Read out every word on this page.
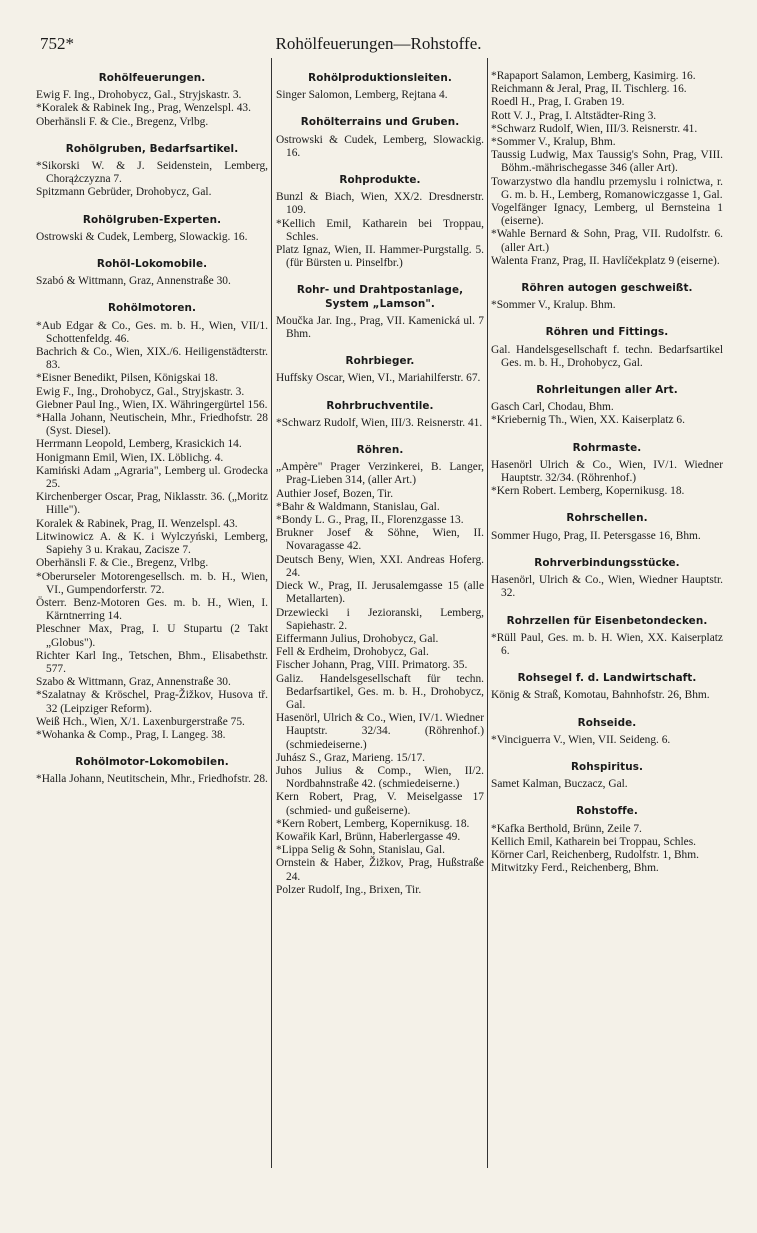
752*	Rohölfeuerungen—Rohstoffe.
Rohölfeuerungen.
Ewig F. Ing., Drohobycz, Gal., Stryjskastr. 3.
*Koralek & Rabinek Ing., Prag, Wenzelspl. 43.
Oberhänsli F. & Cie., Bregenz, Vrlbg.
Rohölgruben, Bedarfsartikel.
*Sikorski W. & J. Seidenstein, Lemberg, Chorążczyzna 7.
Spitzmann Gebrüder, Drohobycz, Gal.
Rohölgruben-Experten.
Ostrowski & Cudek, Lemberg, Slowackig. 16.
Rohöl-Lokomobile.
Szabó & Wittmann, Graz, Annenstraße 30.
Rohölmotoren.
*Aub Edgar & Co., Ges. m. b. H., Wien, VII/1. Schottenfeldg. 46.
Bachrich & Co., Wien, XIX./6. Heiligenstädterstr. 83.
*Eisner Benedikt, Pilsen, Königskai 18.
Ewig F., Ing., Drohobycz, Gal., Stryjskastr. 3.
Giebner Paul Ing., Wien, IX. Währingergürtel 156.
*Halla Johann, Neutischein, Mhr., Friedhofstr. 28 (Syst. Diesel).
Herrmann Leopold, Lemberg, Krasickich 14.
Honigmann Emil, Wien, IX. Löblichg. 4.
Kamiński Adam „Agraria", Lemberg ul. Grodecka 25.
Kirchenberger Oscar, Prag, Niklasstr. 36. („Moritz Hille").
Koralek & Rabinek, Prag, II. Wenzelspl. 43.
Litwinowicz A. & K. i Wylczyński, Lemberg, Sapiehy 3 u. Krakau, Zacisze 7.
Oberhänsli F. & Cie., Bregenz, Vrlbg.
*Oberurseler Motorengesellsch. m. b. H., Wien, VI., Gumpendorferstr. 72.
Österr. Benz-Motoren Ges. m. b. H., Wien, I. Kärntnerring 14.
Pleschner Max, Prag, I. U Stupartu (2 Takt „Globus").
Richter Karl Ing., Tetschen, Bhm., Elisabethstr. 577.
Szabo & Wittmann, Graz, Annenstraße 30.
*Szalatnay & Kröschel, Prag-Žižkov, Husova tř. 32 (Leipziger Reform).
Weiß Hch., Wien, X/1. Laxenburgerstraße 75.
*Wohanka & Comp., Prag, I. Langeg. 38.
Rohölmotor-Lokomobilen.
*Halla Johann, Neutitschein, Mhr., Friedhofstr. 28.
Rohölproduktionsleiten.
Singer Salomon, Lemberg, Rejtana 4.
Rohölterrains und Gruben.
Ostrowski & Cudek, Lemberg, Slowackig. 16.
Rohprodukte.
Bunzl & Biach, Wien, XX/2. Dresdnerstr. 109.
*Kellich Emil, Katharein bei Troppau, Schles.
Platz Ignaz, Wien, II. Hammer-Purgstallg. 5. (für Bürsten u. Pinselfbr.)
Rohr- und Drahtpostanlage, System „Lamson".
Moučka Jar. Ing., Prag, VII. Kamenická ul. 7 Bhm.
Rohrbieger.
Huffsky Oscar, Wien, VI., Mariahilferstr. 67.
Rohrbruchventile.
*Schwarz Rudolf, Wien, III/3. Reisnerstr. 41.
Röhren.
„Ampère" Prager Verzinkerei, B. Langer, Prag-Lieben 314, (aller Art.)
Authier Josef, Bozen, Tir.
*Bahr & Waldmann, Stanislau, Gal.
*Bondy L. G., Prag, II., Florenzgasse 13.
Brukner Josef & Söhne, Wien, II. Novaragasse 42.
Deutsch Beny, Wien, XXI. Andreas Hoferg. 24.
Dieck W., Prag, II. Jerusalemgasse 15 (alle Metallarten).
Drzewiecki i Jezioranski, Lemberg, Sapiehastr. 2.
Eiffermann Julius, Drohobycz, Gal.
Fell & Erdheim, Drohobycz, Gal.
Fischer Johann, Prag, VIII. Primatorg. 35.
Galiz. Handelsgesellschaft für techn. Bedarfsartikel, Ges. m. b. H., Drohobycz, Gal.
Hasenörl, Ulrich & Co., Wien, IV/1. Wiedner Hauptstr. 32/34. (Röhrenhof.) (schmiedeiserne.)
Juhász S., Graz, Marieng. 15/17.
Juhos Julius & Comp., Wien, II/2. Nordbahnstraße 42. (schmiedeiserne.)
Kern Robert, Prag, V. Meiselgasse 17 (schmied- und gußeiserne).
*Kern Robert, Lemberg, Kopernikusg. 18.
Kowařik Karl, Brünn, Haberlergasse 49.
*Lippa Selig & Sohn, Stanislau, Gal.
Ornstein & Haber, Žižkov, Prag, Hußstraße 24.
Polzer Rudolf, Ing., Brixen, Tir.
*Rapaport Salamon, Lemberg, Kasimirg. 16.
Reichmann & Jeral, Prag, II. Tischlerg. 16.
Roedl H., Prag, I. Graben 19.
Rott V. J., Prag, I. Altstädter-Ring 3.
*Schwarz Rudolf, Wien, III/3. Reisnerstr. 41.
*Sommer V., Kralup, Bhm.
Taussig Ludwig, Max Taussig's Sohn, Prag, VIII. Böhm.-mährischegasse 346 (aller Art).
Towarzystwo dla handlu przemyslu i rolnictwa, r. G. m. b. H., Lemberg, Romanowiczgasse 1, Gal.
Vogelfänger Ignacy, Lemberg, ul Bernsteina 1 (eiserne).
*Wahle Bernard & Sohn, Prag, VII. Rudolfstr. 6. (aller Art.)
Walenta Franz, Prag, II. Havlíčekplatz 9 (eiserne).
Röhren autogen geschweißt.
*Sommer V., Kralup. Bhm.
Röhren und Fittings.
Gal. Handelsgesellschaft f. techn. Bedarfsartikel Ges. m. b. H., Drohobycz, Gal.
Rohrleitungen aller Art.
Gasch Carl, Chodau, Bhm.
*Kriebernig Th., Wien, XX. Kaiserplatz 6.
Rohrmaste.
Hasenörl Ulrich & Co., Wien, IV/1. Wiedner Hauptstr. 32/34. (Röhrenhof.)
*Kern Robert. Lemberg, Kopernikusg. 18.
Rohrschellen.
Sommer Hugo, Prag, II. Petersgasse 16, Bhm.
Rohrverbindungsstücke.
Hasenörl, Ulrich & Co., Wien, Wiedner Hauptstr. 32.
Rohrzellen für Eisenbetondecken.
*Rüll Paul, Ges. m. b. H. Wien, XX. Kaiserplatz 6.
Rohsegel f. d. Landwirtschaft.
König & Straß, Komotau, Bahnhofstr. 26, Bhm.
Rohseide.
*Vinciguerra V., Wien, VII. Seideng. 6.
Rohspiritus.
Samet Kalman, Buczacz, Gal.
Rohstoffe.
*Kafka Berthold, Brünn, Zeile 7.
Kellich Emil, Katharein bei Troppau, Schles.
Körner Carl, Reichenberg, Rudolfstr. 1, Bhm.
Mitwitzky Ferd., Reichenberg, Bhm.
